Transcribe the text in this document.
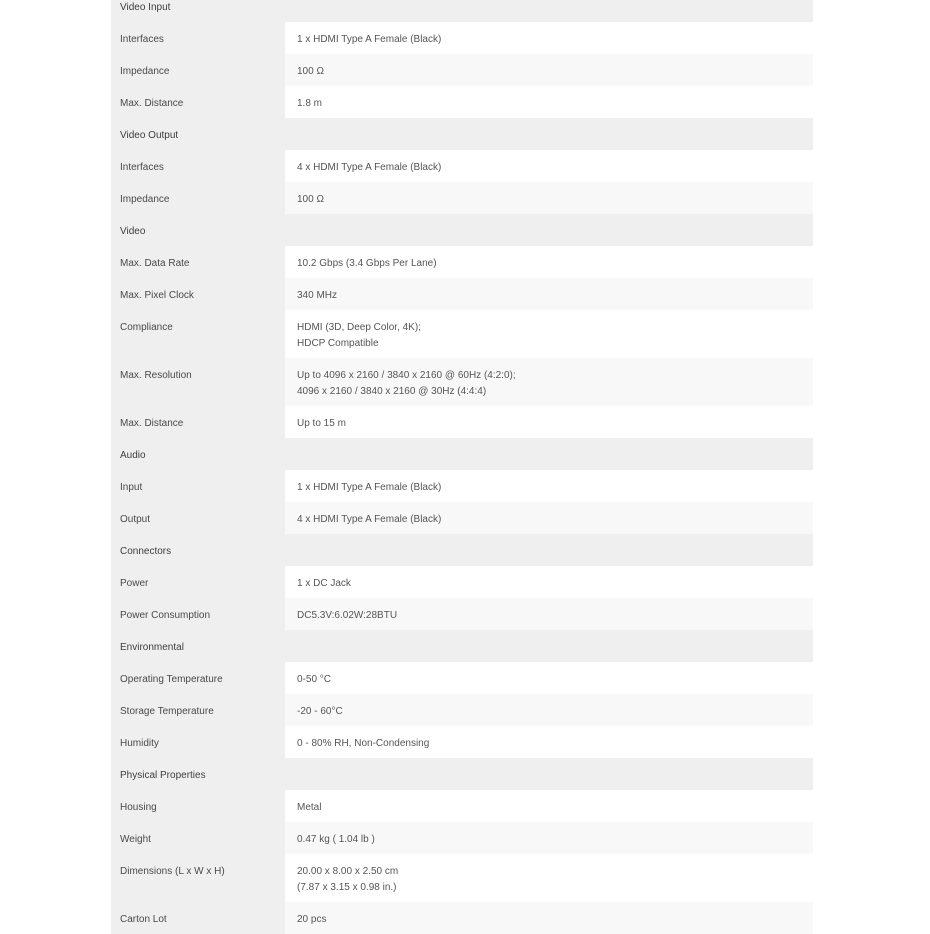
Video Input
Interfaces	1 x HDMI Type A Female (Black)
Impedance	100 Ω
Max. Distance	1.8 m
Video Output
Interfaces	4 x HDMI Type A Female (Black)
Impedance	100 Ω
Video
Max. Data Rate	10.2 Gbps (3.4 Gbps Per Lane)
Max. Pixel Clock	340 MHz
Compliance	HDMI (3D, Deep Color, 4K);
HDCP Compatible
Max. Resolution	Up to 4096 x 2160 / 3840 x 2160 @ 60Hz (4:2:0);
4096 x 2160 / 3840 x 2160 @ 30Hz (4:4:4)
Max. Distance	Up to 15 m
Audio
Input	1 x HDMI Type A Female (Black)
Output	4 x HDMI Type A Female (Black)
Connectors
Power	1 x DC Jack
Power Consumption	DC5.3V:6.02W:28BTU
Environmental
Operating Temperature	0-50 °C
Storage Temperature	-20 - 60°C
Humidity	0 - 80% RH, Non-Condensing
Physical Properties
Housing	Metal
Weight	0.47 kg ( 1.04 lb )
Dimensions (L x W x H)	20.00 x 8.00 x 2.50 cm
(7.87 x 3.15 x 0.98 in.)
Carton Lot	20 pcs
